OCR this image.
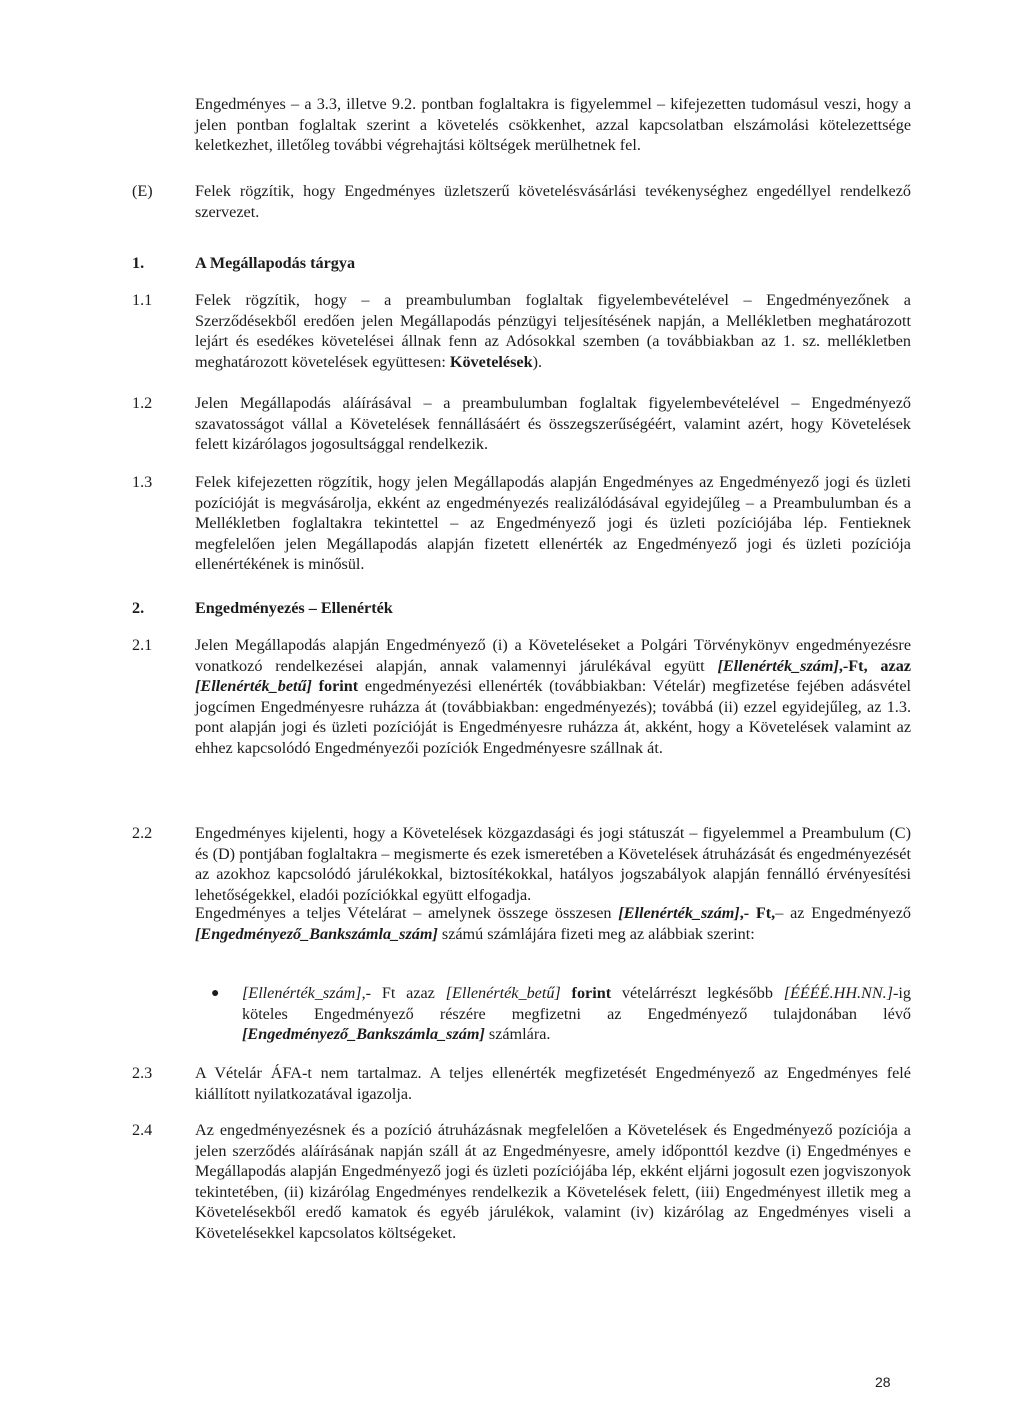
Engedményes – a 3.3, illetve 9.2. pontban foglaltakra is figyelemmel – kifejezetten tudomásul veszi, hogy a jelen pontban foglaltak szerint a követelés csökkenhet, azzal kapcsolatban elszámolási kötelezettsége keletkezhet, illetőleg további végrehajtási költségek merülhetnek fel.

(E)	Felek rögzítik, hogy Engedményes üzletszerű követelésvásárlási tevékenységhez engedéllyel rendelkező szervezet.

1.	A Megállapodás tárgya
1.1	Felek rögzítik, hogy – a preambulumban foglaltak figyelembevételével – Engedményezőnek a Szerződésekből eredően jelen Megállapodás pénzügyi teljesítésének napján, a Mellékletben meghatározott lejárt és esedékes követelései állnak fenn az Adósokkal szemben (a továbbiakban az 1. sz. mellékletben meghatározott követelések együttesen: Követelések).

1.2	Jelen Megállapodás aláírásával – a preambulumban foglaltak figyelembevételével – Engedményező szavatosságot vállal a Követelések fennállásáért és összegszerűségéért, valamint azért, hogy Követelések felett kizárólagos jogosultsággal rendelkezik.

1.3	Felek kifejezetten rögzítik, hogy jelen Megállapodás alapján Engedményes az Engedményező jogi és üzleti pozícióját is megvásárolja, ekként az engedményezés realizálódásával egyidejűleg – a Preambulumban és a Mellékletben foglaltakra tekintettel – az Engedményező jogi és üzleti pozíciójába lép. Fentieknek megfelelően jelen Megállapodás alapján fizetett ellenérték az Engedményező jogi és üzleti pozíciója ellenértékének is minősül.

2.	Engedményezés – Ellenérték
2.1	Jelen Megállapodás alapján Engedményező (i) a Követeléseket a Polgári Törvénykönyv engedményezésre vonatkozó rendelkezései alapján, annak valamennyi járulékával együtt [Ellenérték_szám],-Ft, azaz [Ellenérték_betű] forint engedményezési ellenérték (továbbiakban: Vételár) megfizetése fejében adásvétel jogcímen Engedményesre ruházza át (továbbiakban: engedményezés); továbbá (ii) ezzel egyidejűleg, az 1.3. pont alapján jogi és üzleti pozícióját is Engedményesre ruházza át, akként, hogy a Követelések valamint az ehhez kapcsolódó Engedményezői pozíciók Engedményesre szállnak át.

2.2	Engedményes kijelenti, hogy a Követelések közgazdasági és jogi státuszát – figyelemmel a Preambulum (C) és (D) pontjában foglaltakra – megismerte és ezek ismeretében a Követelések átruházását és engedményezését az azokhoz kapcsolódó járulékokkal, biztosítékokkal, hatályos jogszabályok alapján fennálló érvényesítési lehetőségekkel, eladói pozíciókkal együtt elfogadja.

Engedményes a teljes Vételárat – amelynek összege összesen [Ellenérték_szám],- Ft,– az Engedményező [Engedményező_Bankszámla_szám] számú számlájára fizeti meg az alábbiak szerint:

● [Ellenérték_szám],- Ft azaz [Ellenérték_betű] forint vételárrészt legkésőbb [ÉÉÉÉ.HH.NN.]-ig köteles Engedményező részére megfizetni az Engedményező tulajdonában lévő [Engedményező_Bankszámla_szám] számlára.

2.3	A Vételár ÁFA-t nem tartalmaz. A teljes ellenérték megfizetését Engedményező az Engedményes felé kiállított nyilatkozatával igazolja.

2.4	Az engedményezésnek és a pozíció átruházásnak megfelelően a Követelések és Engedményező pozíciója a jelen szerződés aláírásának napján száll át az Engedményesre, amely időponttól kezdve (i) Engedményes e Megállapodás alapján Engedményező jogi és üzleti pozíciójába lép, ekként eljárni jogosult ezen jogviszonyok tekintetében, (ii) kizárólag Engedményes rendelkezik a Követelések felett, (iii) Engedményest illetik meg a Követelésekből eredő kamatok és egyéb járulékok, valamint (iv) kizárólag az Engedményes viseli a Követelésekkel kapcsolatos költségeket.

28
